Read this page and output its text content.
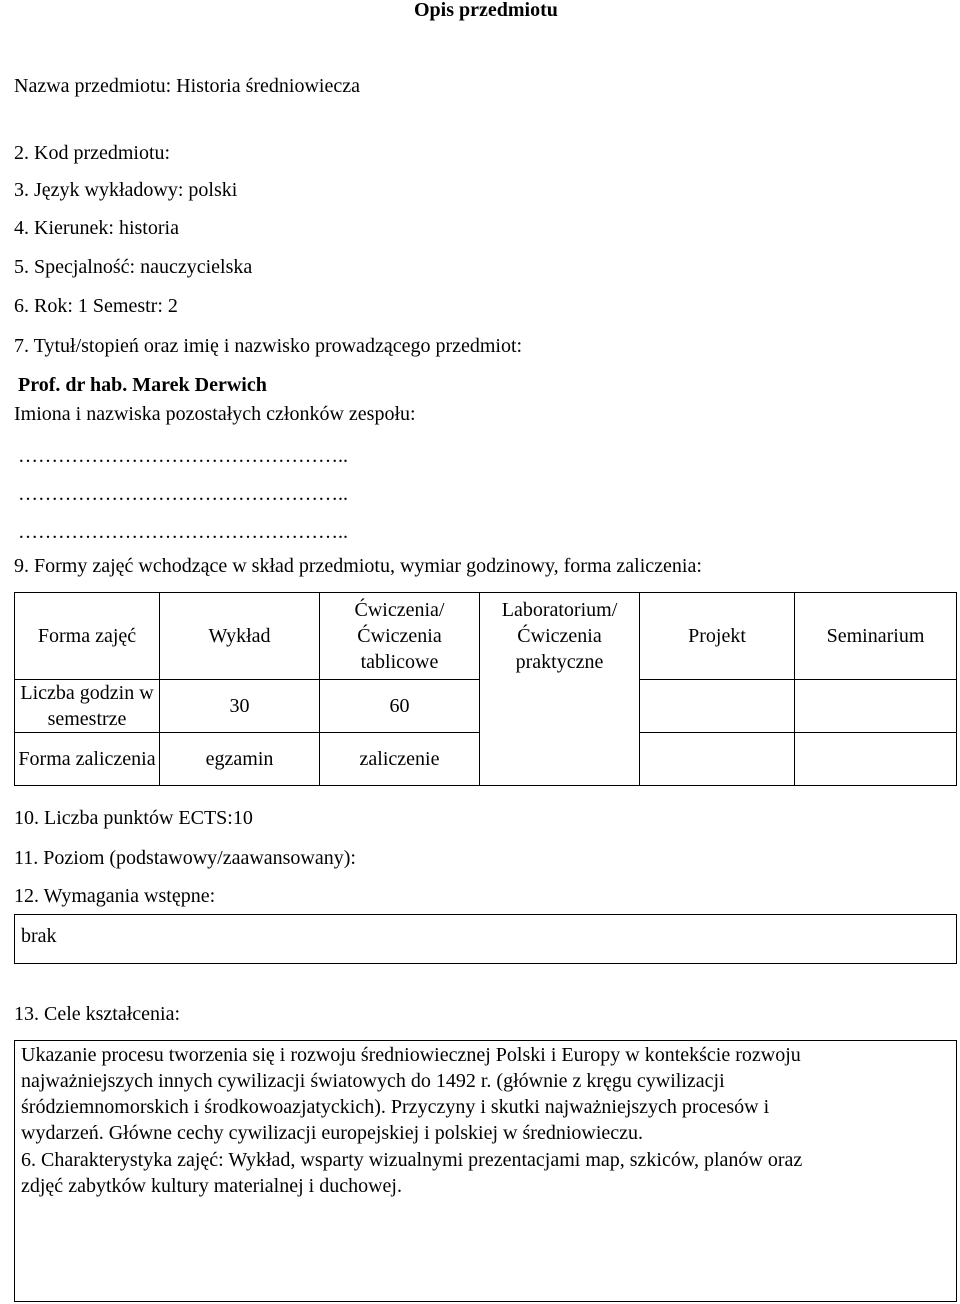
Opis przedmiotu
Nazwa przedmiotu: Historia średniowiecza
2. Kod przedmiotu:
3. Język wykładowy: polski
4. Kierunek: historia
5. Specjalność: nauczycielska
6. Rok: 1 Semestr: 2
7. Tytuł/stopień oraz imię i nazwisko prowadzącego przedmiot:
Prof. dr hab. Marek Derwich
Imiona i nazwiska pozostałych członków zespołu:
…………………………………………..
…………………………………………..
…………………………………………..
9. Formy zajęć wchodzące w skład przedmiotu, wymiar godzinowy, forma zaliczenia:
Forma zajęć	Wykład	Ćwiczenia/ Ćwiczenia tablicowe	Laboratorium/ Ćwiczenia praktyczne	Projekt	Seminarium
Liczba godzin w semestrze	30	60			
Forma zaliczenia	egzamin	zaliczenie			
10. Liczba punktów ECTS:10
11. Poziom (podstawowy/zaawansowany):
12. Wymagania wstępne:
brak
13. Cele kształcenia:
Ukazanie procesu tworzenia się i rozwoju średniowiecznej Polski i Europy w kontekście rozwoju
najważniejszych innych cywilizacji światowych do 1492 r. (głównie z kręgu cywilizacji
śródziemnomorskich i środkowoazjatyckich). Przyczyny i skutki najważniejszych procesów i
wydarzeń. Główne cechy cywilizacji europejskiej i polskiej w średniowieczu.
6. Charakterystyka zajęć: Wykład, wsparty wizualnymi prezentacjami map, szkiców, planów oraz
zdjęć zabytków kultury materialnej i duchowej.
